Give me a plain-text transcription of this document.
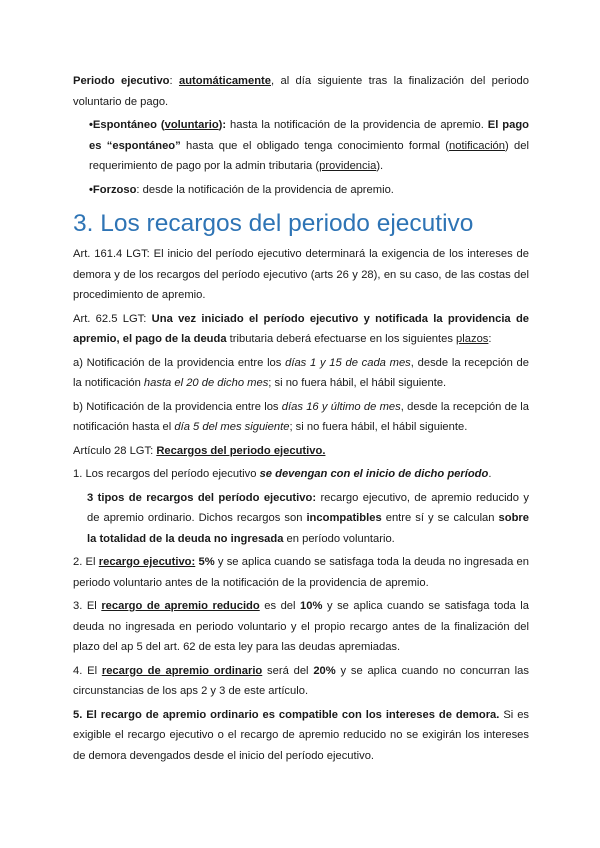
Periodo ejecutivo: automáticamente, al día siguiente tras la finalización del periodo voluntario de pago.

•Espontáneo (voluntario): hasta la notificación de la providencia de apremio. El pago es “espontáneo” hasta que el obligado tenga conocimiento formal (notificación) del requerimiento de pago por la admin tributaria (providencia).

•Forzoso: desde la notificación de la providencia de apremio.

3. Los recargos del periodo ejecutivo

Art. 161.4 LGT: El inicio del período ejecutivo determinará la exigencia de los intereses de demora y de los recargos del período ejecutivo (arts 26 y 28), en su caso, de las costas del procedimiento de apremio.

Art. 62.5 LGT: Una vez iniciado el período ejecutivo y notificada la providencia de apremio, el pago de la deuda tributaria deberá efectuarse en los siguientes plazos:

a) Notificación de la providencia entre los días 1 y 15 de cada mes, desde la recepción de la notificación hasta el 20 de dicho mes; si no fuera hábil, el hábil siguiente.

b) Notificación de la providencia entre los días 16 y último de mes, desde la recepción de la notificación hasta el día 5 del mes siguiente; si no fuera hábil, el hábil siguiente.

Artículo 28 LGT: Recargos del periodo ejecutivo.

1. Los recargos del período ejecutivo se devengan con el inicio de dicho período.

3 tipos de recargos del período ejecutivo: recargo ejecutivo, de apremio reducido y de apremio ordinario. Dichos recargos son incompatibles entre sí y se calculan sobre la totalidad de la deuda no ingresada en período voluntario.

2. El recargo ejecutivo: 5% y se aplica cuando se satisfaga toda la deuda no ingresada en periodo voluntario antes de la notificación de la providencia de apremio.

3. El recargo de apremio reducido es del 10% y se aplica cuando se satisfaga toda la deuda no ingresada en periodo voluntario y el propio recargo antes de la finalización del plazo del ap 5 del art. 62 de esta ley para las deudas apremiadas.

4. El recargo de apremio ordinario será del 20% y se aplica cuando no concurran las circunstancias de los aps 2 y 3 de este artículo.

5. El recargo de apremio ordinario es compatible con los intereses de demora. Si es exigible el recargo ejecutivo o el recargo de apremio reducido no se exigirán los intereses de demora devengados desde el inicio del período ejecutivo.
